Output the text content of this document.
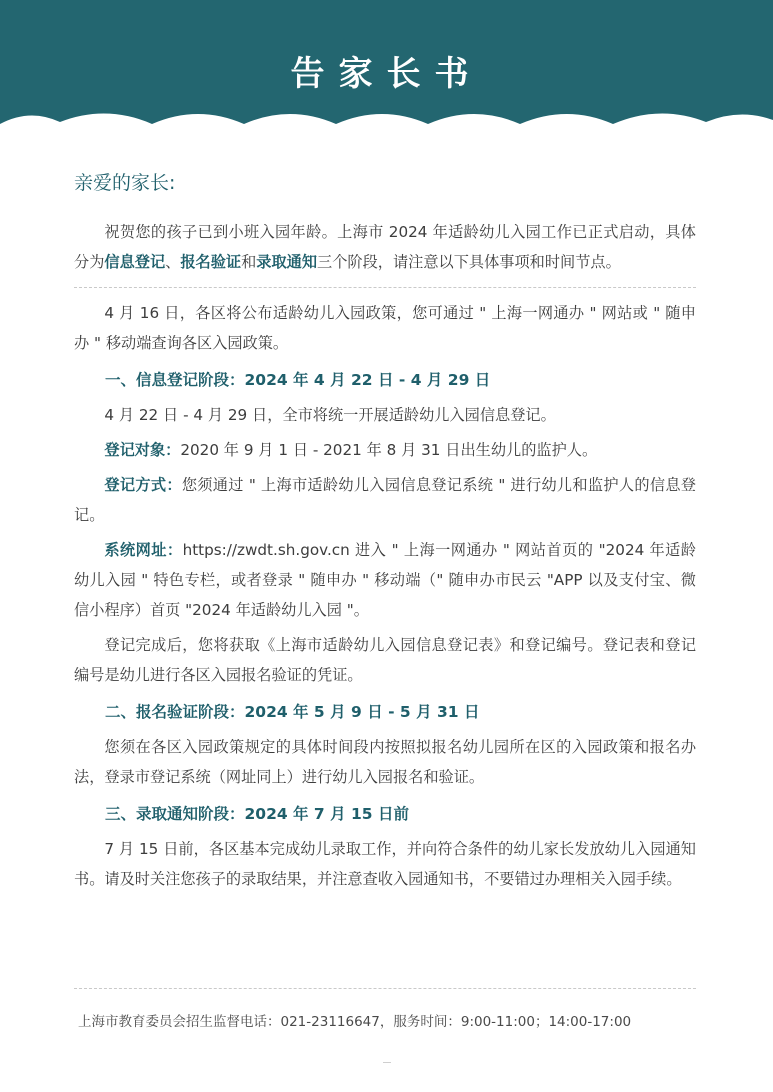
告家长书
亲爱的家长:

祝贺您的孩子已到小班入园年龄。上海市 2024 年适龄幼儿入园工作已正式启动，具体分为信息登记、报名验证和录取通知三个阶段，请注意以下具体事项和时间节点。

4 月 16 日，各区将公布适龄幼儿入园政策，您可通过 " 上海一网通办 " 网站或 " 随申办 " 移动端查询各区入园政策。

一、信息登记阶段：2024 年 4 月 22 日 - 4 月 29 日

4 月 22 日 - 4 月 29 日，全市将统一开展适龄幼儿入园信息登记。

登记对象：2020 年 9 月 1 日 - 2021 年 8 月 31 日出生幼儿的监护人。

登记方式：您须通过 " 上海市适龄幼儿入园信息登记系统 " 进行幼儿和监护人的信息登记。

系统网址：https://zwdt.sh.gov.cn 进入 " 上海一网通办 " 网站首页的 "2024 年适龄幼儿入园 " 特色专栏，或者登录 " 随申办 " 移动端（" 随申办市民云 "APP 以及支付宝、微信小程序）首页 "2024 年适龄幼儿入园 "。

登记完成后，您将获取《上海市适龄幼儿入园信息登记表》和登记编号。登记表和登记编号是幼儿进行各区入园报名验证的凭证。

二、报名验证阶段：2024 年 5 月 9 日 - 5 月 31 日

您须在各区入园政策规定的具体时间段内按照拟报名幼儿园所在区的入园政策和报名办法，登录市登记系统（网址同上）进行幼儿入园报名和验证。

三、录取通知阶段：2024 年 7 月 15 日前

7 月 15 日前，各区基本完成幼儿录取工作，并向符合条件的幼儿家长发放幼儿入园通知书。请及时关注您孩子的录取结果，并注意查收入园通知书，不要错过办理相关入园手续。

上海市教育委员会招生监督电话：021-23116647，服务时间：9:00-11:00；14:00-17:00
